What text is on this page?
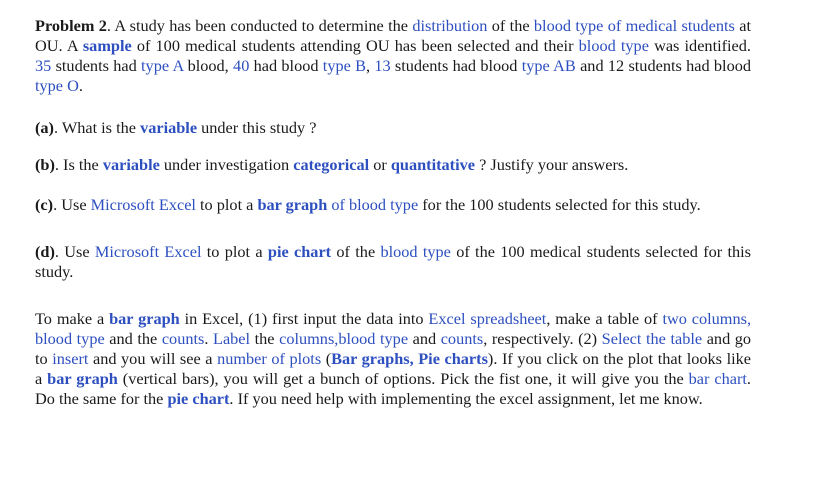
Problem 2. A study has been conducted to determine the distribution of the blood type of medical students at OU. A sample of 100 medical students attending OU has been selected and their blood type was identified. 35 students had type A blood, 40 had blood type B, 13 students had blood type AB and 12 students had blood type O.

(a). What is the variable under this study ?

(b). Is the variable under investigation categorical or quantitative ? Justify your answers.

(c). Use Microsoft Excel to plot a bar graph of blood type for the 100 students selected for this study.

(d). Use Microsoft Excel to plot a pie chart of the blood type of the 100 medical students selected for this study.

To make a bar graph in Excel, (1) first input the data into Excel spreadsheet, make a table of two columns, blood type and the counts. Label the columns,blood type and counts, respectively. (2) Select the table and go to insert and you will see a number of plots (Bar graphs, Pie charts). If you click on the plot that looks like a bar graph (vertical bars), you will get a bunch of options. Pick the fist one, it will give you the bar chart. Do the same for the pie chart. If you need help with implementing the excel assignment, let me know.
